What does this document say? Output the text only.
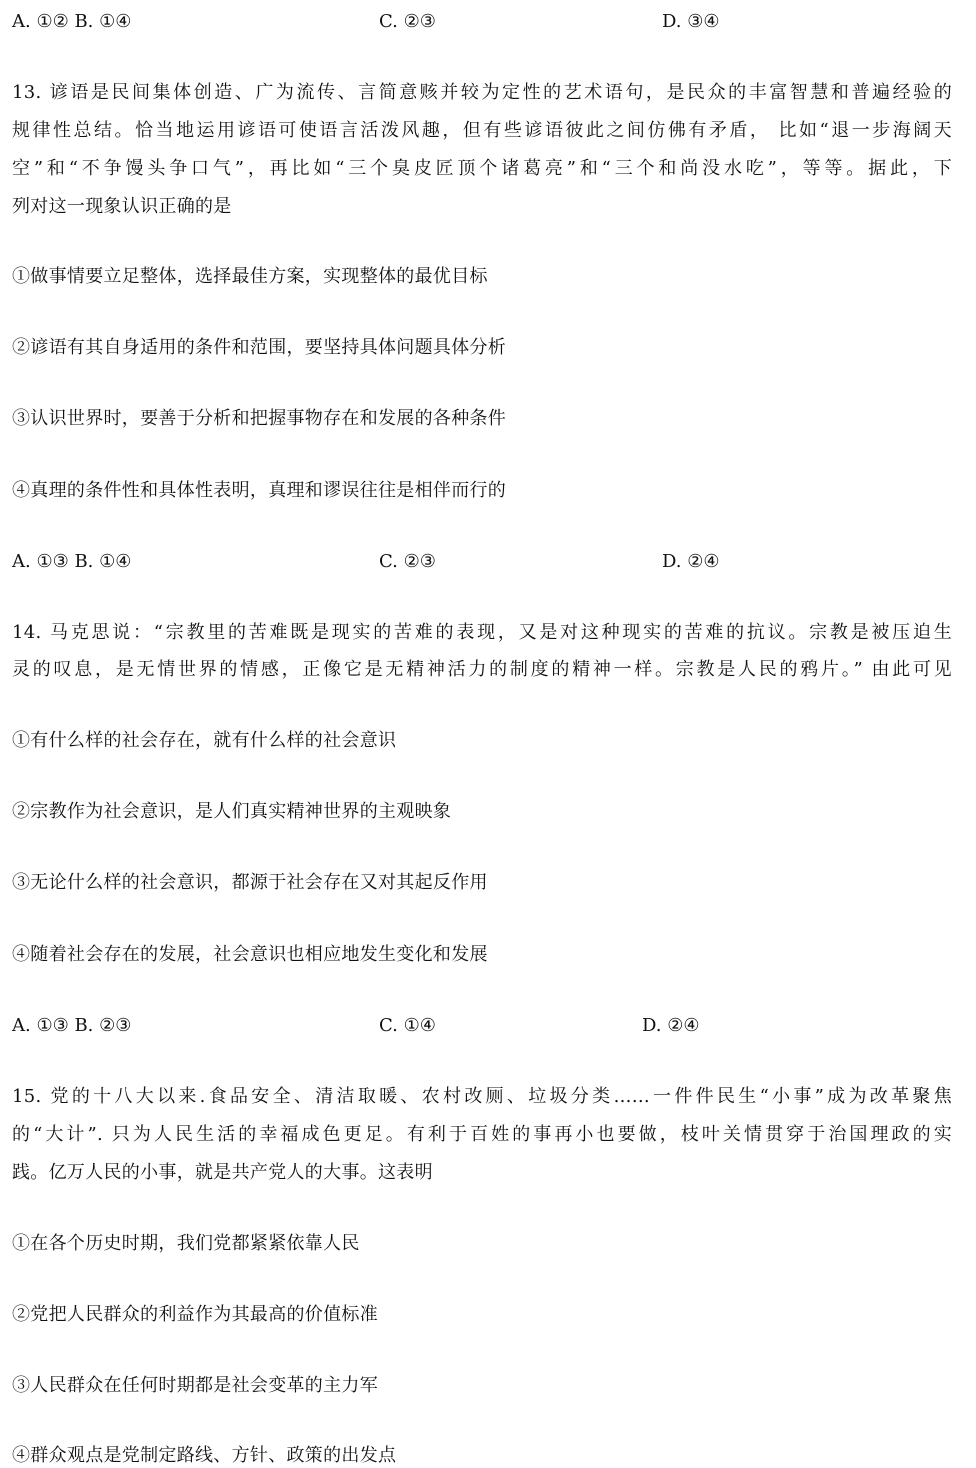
A. ①② B. ①④	C. ②③	D. ③④
13. 谚语是民间集体创造、广为流传、言简意赅并较为定性的艺术语句，是民众的丰富智慧和普遍经验的
规律性总结。恰当地运用谚语可使语言活泼风趣，但有些谚语彼此之间仿佛有矛盾， 比如“退一步海阔天
空”和“不争馒头争口气”，再比如“三个臭皮匠顶个诸葛亮”和“三个和尚没水吃”，等等。据此，下
列对这一现象认识正确的是
①做事情要立足整体，选择最佳方案，实现整体的最优目标
②谚语有其自身适用的条件和范围，要坚持具体问题具体分析
③认识世界时，要善于分析和把握事物存在和发展的各种条件
④真理的条件性和具体性表明，真理和谬误往往是相伴而行的
A. ①③ B. ①④	C. ②③	D. ②④
14. 马克思说：“宗教里的苦难既是现实的苦难的表现，又是对这种现实的苦难的抗议。宗教是被压迫生
灵的叹息，是无情世界的情感，正像它是无精神活力的制度的精神一样。宗教是人民的鸦片。” 由此可见
①有什么样的社会存在，就有什么样的社会意识
②宗教作为社会意识，是人们真实精神世界的主观映象
③无论什么样的社会意识，都源于社会存在又对其起反作用
④随着社会存在的发展，社会意识也相应地发生变化和发展
A. ①③ B. ②③	C. ①④	D. ②④
15. 党的十八大以来.食品安全、清洁取暖、农村改厕、垃圾分类……一件件民生“小事”成为改革聚焦
的“大计”. 只为人民生活的幸福成色更足。有利于百姓的事再小也要做，枝叶关情贯穿于治国理政的实
践。亿万人民的小事，就是共产党人的大事。这表明
①在各个历史时期，我们党都紧紧依靠人民
②党把人民群众的利益作为其最高的价值标准
③人民群众在任何时期都是社会变革的主力军
④群众观点是党制定路线、方针、政策的出发点
